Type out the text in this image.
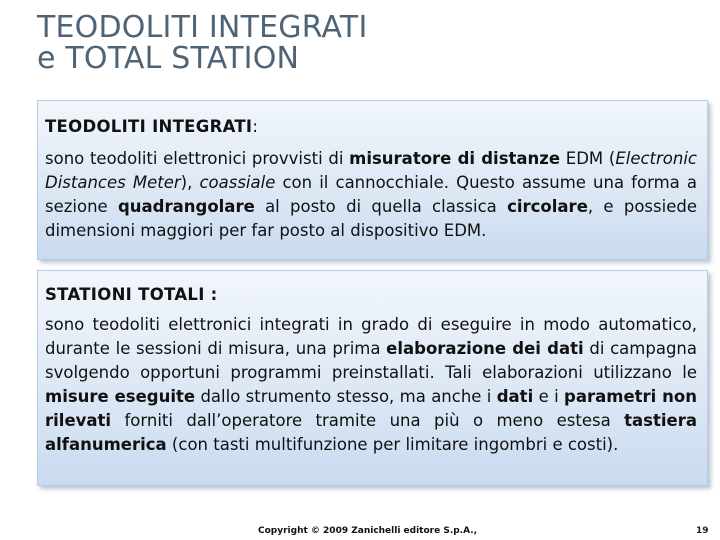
TEODOLITI INTEGRATI
e TOTAL STATION
TEODOLITI INTEGRATI:
sono teodoliti elettronici provvisti di misuratore di distanze EDM (Electronic Distances Meter), coassiale con il cannocchiale. Questo assume una forma a sezione quadrangolare al posto di quella classica circolare, e possiede dimensioni maggiori per far posto al dispositivo EDM.
STATIONI TOTALI :
sono teodoliti elettronici integrati in grado di eseguire in modo automatico, durante le sessioni di misura, una prima elaborazione dei dati di campagna svolgendo opportuni programmi preinstallati. Tali elaborazioni utilizzano le misure eseguite dallo strumento stesso, ma anche i dati e i parametri non rilevati forniti dall’operatore tramite una più o meno estesa tastiera alfanumerica (con tasti multifunzione per limitare ingombri e costi).
Copyright © 2009 Zanichelli editore S.p.A.,	19
